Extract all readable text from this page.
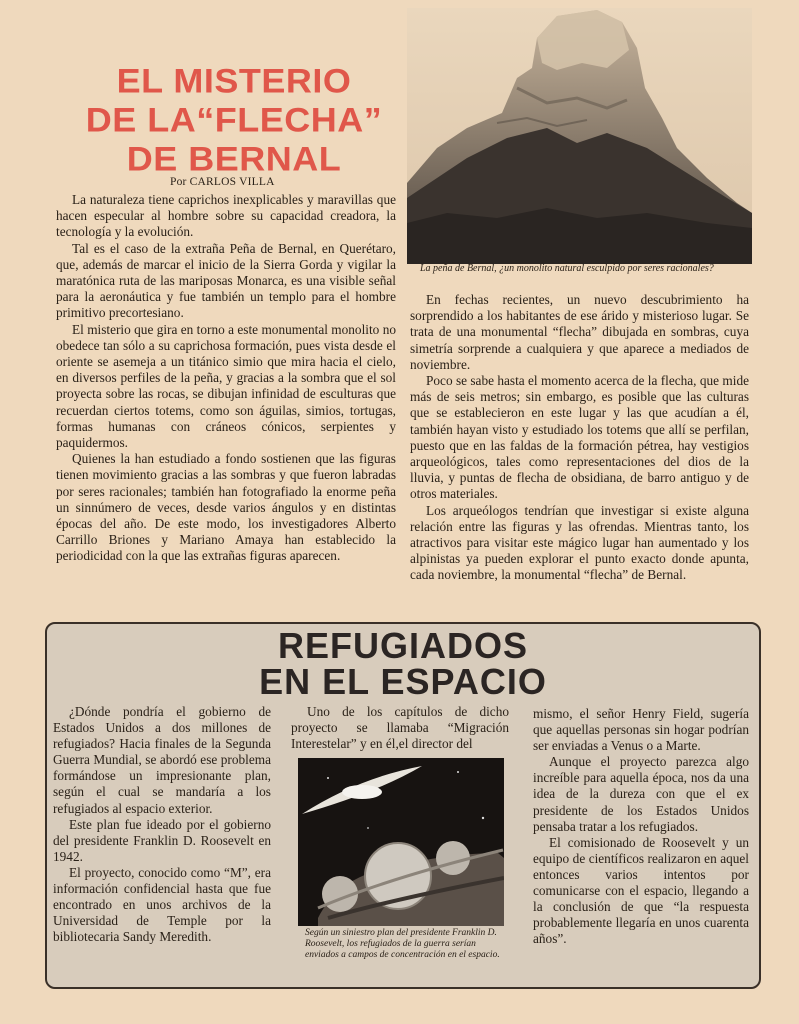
EL MISTERIO
DE LA“FLECHA”
DE BERNAL
Por CARLOS VILLA

La naturaleza tiene caprichos inexplicables y maravillas que hacen especular al hombre sobre su capacidad creadora, la tecnología y la evolución.

Tal es el caso de la extraña Peña de Bernal, en Querétaro, que, además de marcar el inicio de la Sierra Gorda y vigilar la maratónica ruta de las mariposas Monarca, es una visible señal para la aeronáutica y fue también un templo para el hombre primitivo precortesiano.

El misterio que gira en torno a este monumental monolito no obedece tan sólo a su caprichosa formación, pues vista desde el oriente se asemeja a un titánico simio que mira hacia el cielo, en diversos perfiles de la peña, y gracias a la sombra que el sol proyecta sobre las rocas, se dibujan infinidad de esculturas que recuerdan ciertos totems, como son águilas, simios, tortugas, formas humanas con cráneos cónicos, serpientes y paquidermos.

Quienes la han estudiado a fondo sostienen que las figuras tienen movimiento gracias a las sombras y que fueron labradas por seres racionales; también han fotografiado la enorme peña un sinnúmero de veces, desde varios ángulos y en distintas épocas del año. De este modo, los investigadores Alberto Carrillo Briones y Mariano Amaya han establecido la periodicidad con la que las extrañas figuras aparecen.

La peña de Bernal, ¿un monolito natural esculpido por seres racionales?

En fechas recientes, un nuevo descubrimiento ha sorprendido a los habitantes de ese árido y misterioso lugar. Se trata de una monumental “flecha” dibujada en sombras, cuya simetría sorprende a cualquiera y que aparece a mediados de noviembre.

Poco se sabe hasta el momento acerca de la flecha, que mide más de seis metros; sin embargo, es posible que las culturas que se establecieron en este lugar y las que acudían a él, también hayan visto y estudiado los totems que allí se perfilan, puesto que en las faldas de la formación pétrea, hay vestigios arqueológicos, tales como representaciones del dios de la lluvia, y puntas de flecha de obsidiana, de barro antiguo y de otros materiales.

Los arqueólogos tendrían que investigar si existe alguna relación entre las figuras y las ofrendas. Mientras tanto, los atractivos para visitar este mágico lugar han aumentado y los alpinistas ya pueden explorar el punto exacto donde apunta, cada noviembre, la monumental “flecha” de Bernal.

REFUGIADOS
EN EL ESPACIO

¿Dónde pondría el gobierno de Estados Unidos a dos millones de refugiados? Hacia finales de la Segunda Guerra Mundial, se abordó ese problema formándose un impresionante plan, según el cual se mandaría a los refugiados al espacio exterior.

Este plan fue ideado por el gobierno del presidente Franklin D. Roosevelt en 1942.

El proyecto, conocido como “M”, era información confidencial hasta que fue encontrado en unos archivos de la Universidad de Temple por la bibliotecaria Sandy Meredith.

Uno de los capítulos de dicho proyecto se llamaba “Migración Interestelar” y en él,el director del

Según un siniestro plan del presidente Franklin D. Roosevelt, los refugiados de la guerra serían enviados a campos de concentración en el espacio.

mismo, el señor Henry Field, sugería que aquellas personas sin hogar podrían ser enviadas a Venus o a Marte.

Aunque el proyecto parezca algo increíble para aquella época, nos da una idea de la dureza con que el ex presidente de los Estados Unidos pensaba tratar a los refugiados.

El comisionado de Roosevelt y un equipo de científicos realizaron en aquel entonces varios intentos por comunicarse con el espacio, llegando a la conclusión de que “la respuesta probablemente llegaría en unos cuarenta años”.
